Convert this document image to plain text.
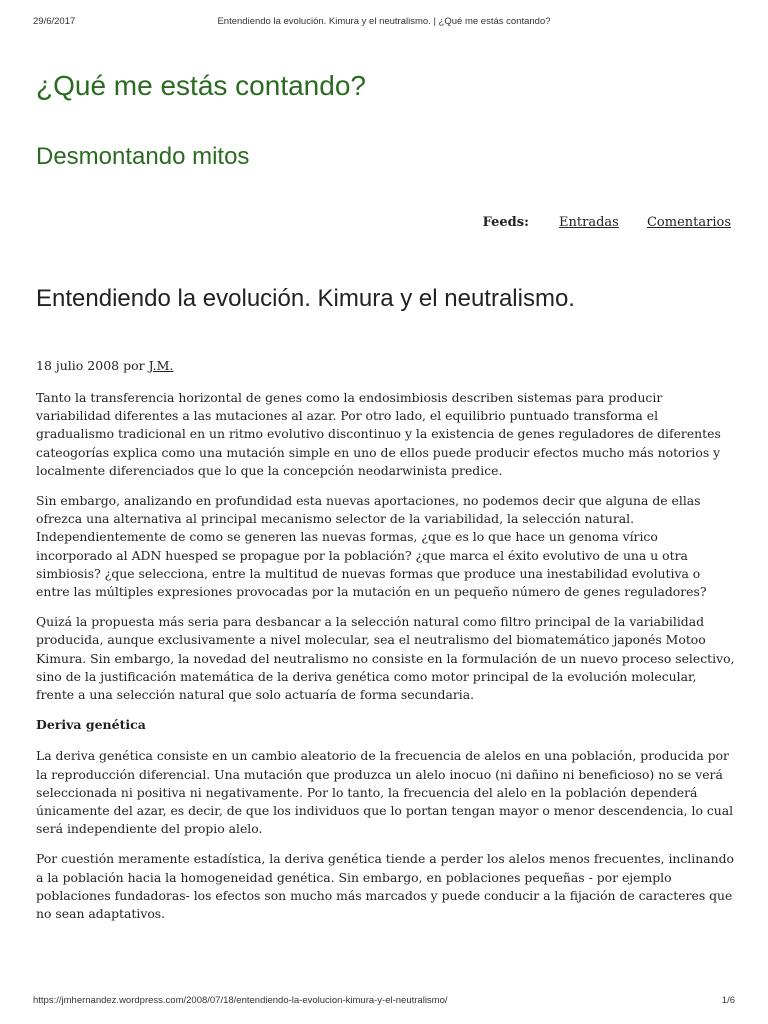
29/6/2017	Entendiendo la evolución. Kimura y el neutralismo. | ¿Qué me estás contando?
¿Qué me estás contando?
Desmontando mitos
Feeds: Entradas Comentarios
Entendiendo la evolución. Kimura y el neutralismo.
18 julio 2008 por J.M.

Tanto la transferencia horizontal de genes como la endosimbiosis describen sistemas para producir variabilidad diferentes a las mutaciones al azar. Por otro lado, el equilibrio puntuado transforma el gradualismo tradicional en un ritmo evolutivo discontinuo y la existencia de genes reguladores de diferentes cateogorías explica como una mutación simple en uno de ellos puede producir efectos mucho más notorios y localmente diferenciados que lo que la concepción neodarwinista predice.

Sin embargo, analizando en profundidad esta nuevas aportaciones, no podemos decir que alguna de ellas ofrezca una alternativa al principal mecanismo selector de la variabilidad, la selección natural. Independientemente de como se generen las nuevas formas, ¿que es lo que hace un genoma vírico incorporado al ADN huesped se propague por la población? ¿que marca el éxito evolutivo de una u otra simbiosis? ¿que selecciona, entre la multitud de nuevas formas que produce una inestabilidad evolutiva o entre las múltiples expresiones provocadas por la mutación en un pequeño número de genes reguladores?

Quizá la propuesta más seria para desbancar a la selección natural como filtro principal de la variabilidad producida, aunque exclusivamente a nivel molecular, sea el neutralismo del biomatemático japonés Motoo Kimura. Sin embargo, la novedad del neutralismo no consiste en la formulación de un nuevo proceso selectivo, sino de la justificación matemática de la deriva genética como motor principal de la evolución molecular, frente a una selección natural que solo actuaría de forma secundaria.

Deriva genética

La deriva genética consiste en un cambio aleatorio de la frecuencia de alelos en una población, producida por la reproducción diferencial. Una mutación que produzca un alelo inocuo (ni dañino ni beneficioso) no se verá seleccionada ni positiva ni negativamente. Por lo tanto, la frecuencia del alelo en la población dependerá únicamente del azar, es decir, de que los individuos que lo portan tengan mayor o menor descendencia, lo cual será independiente del propio alelo.

Por cuestión meramente estadística, la deriva genética tiende a perder los alelos menos frecuentes, inclinando a la población hacia la homogeneidad genética. Sin embargo, en poblaciones pequeñas - por ejemplo poblaciones fundadoras- los efectos son mucho más marcados y puede conducir a la fijación de caracteres que no sean adaptativos.

https://jmhernandez.wordpress.com/2008/07/18/entendiendo-la-evolucion-kimura-y-el-neutralismo/	1/6
